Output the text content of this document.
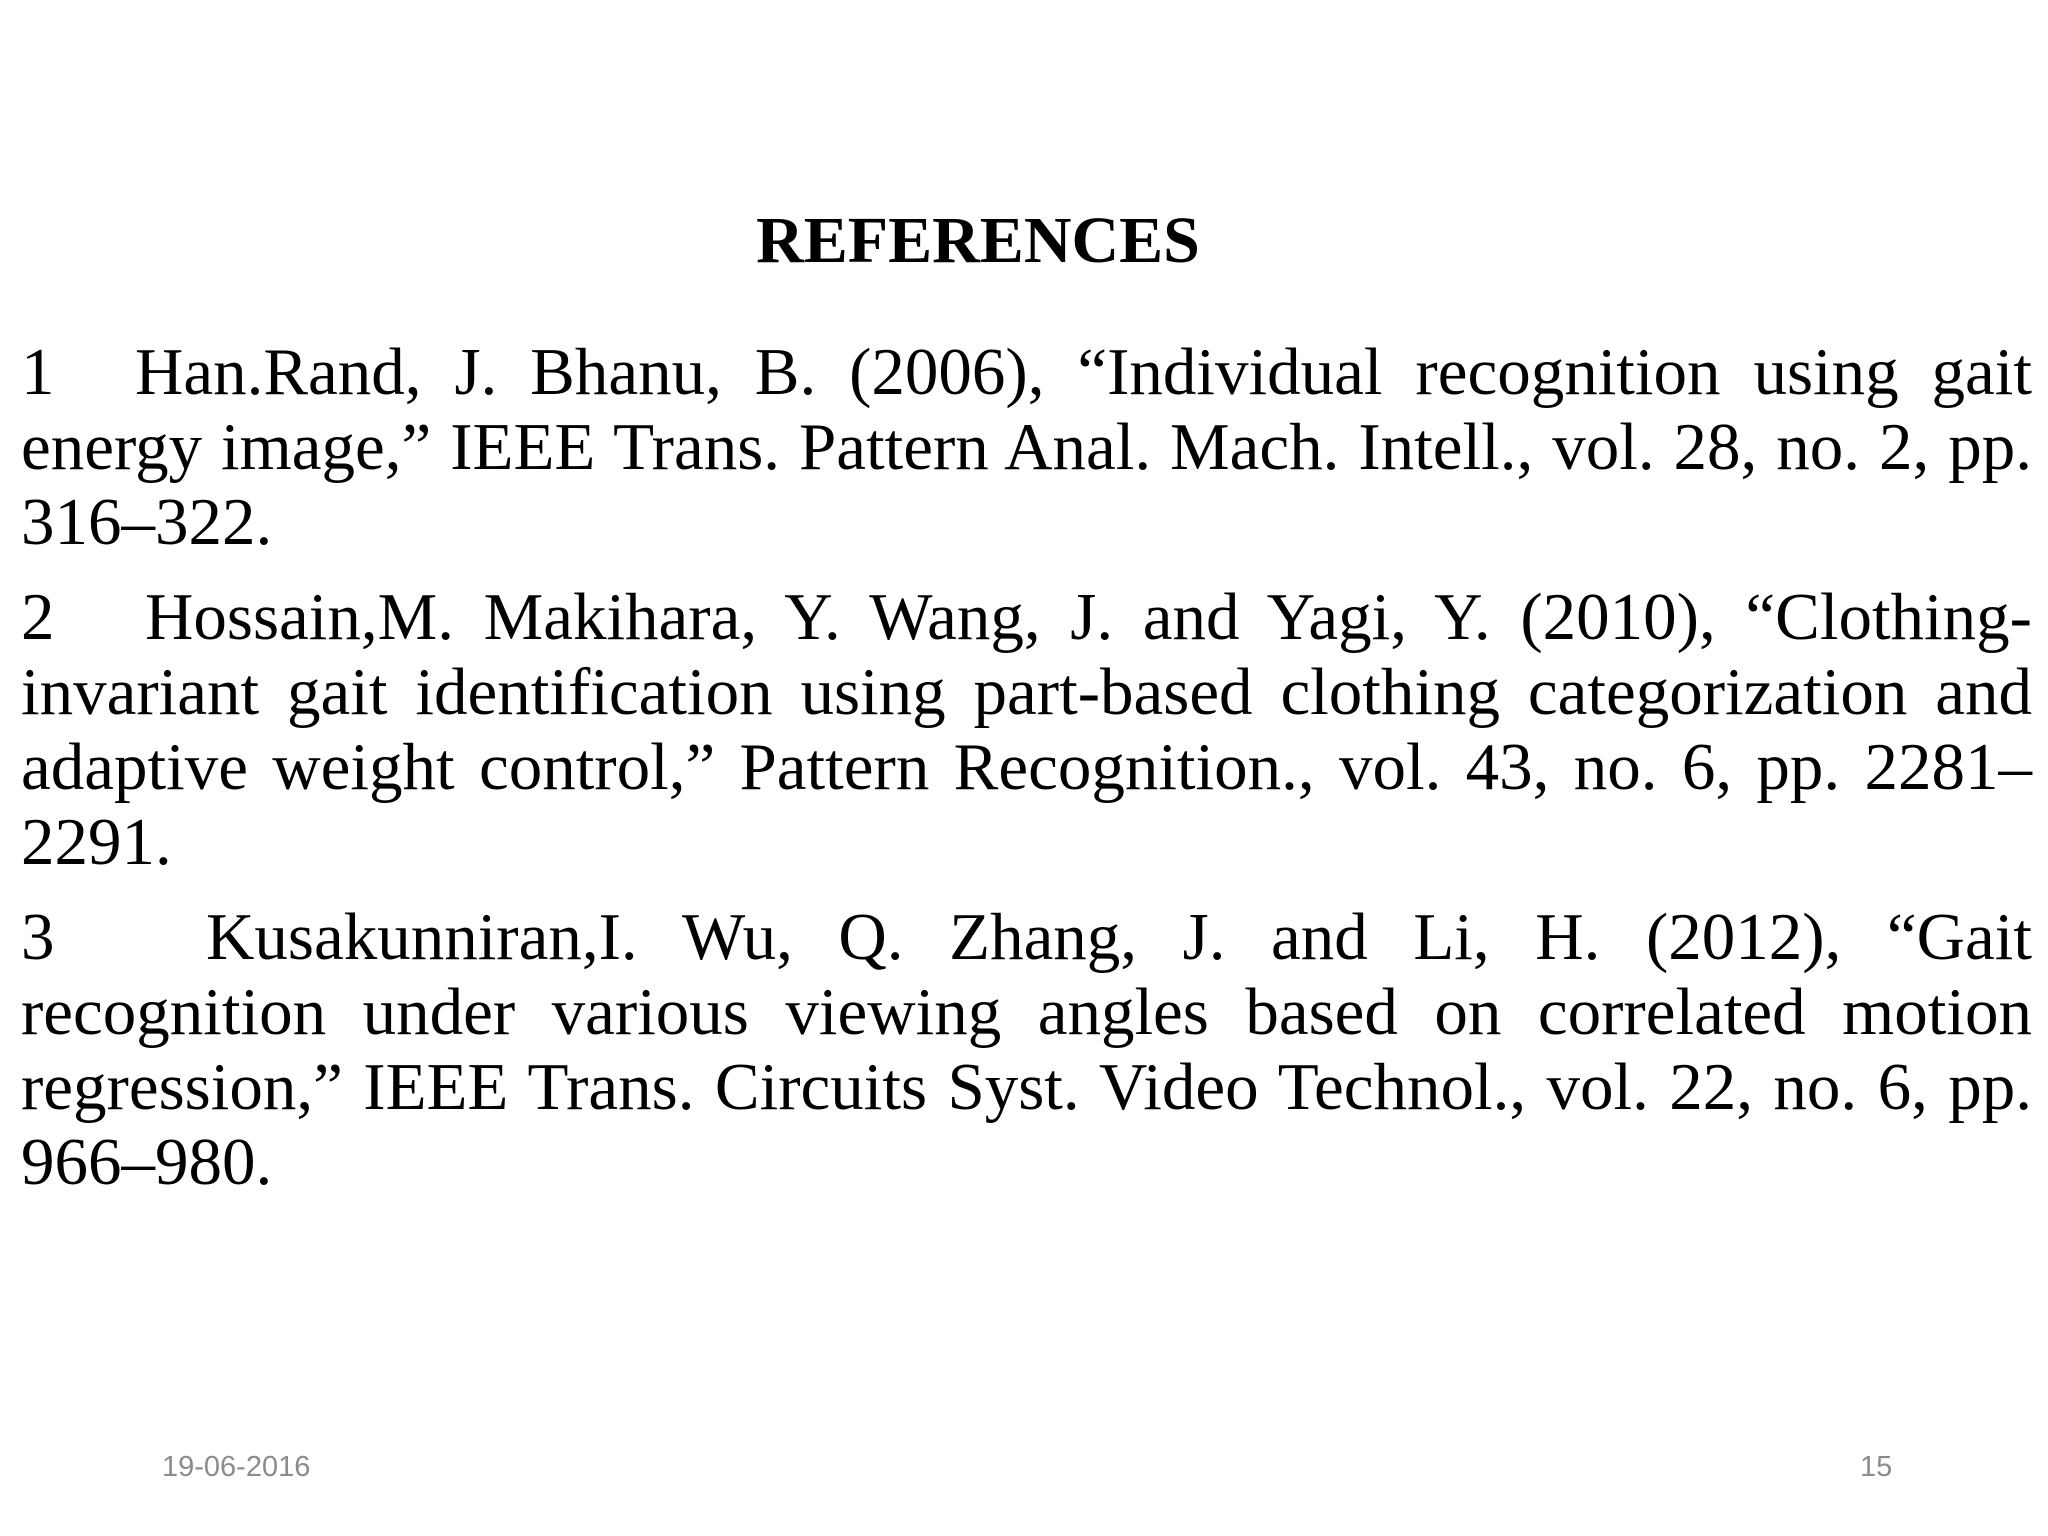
REFERENCES

1 Han.Rand, J. Bhanu, B. (2006), “Individual recognition using gait energy image,” IEEE Trans. Pattern Anal. Mach. Intell., vol. 28, no. 2, pp. 316–322.

2 Hossain,M. Makihara, Y. Wang, J. and Yagi, Y. (2010), “Clothing-invariant gait identification using part-based clothing categorization and adaptive weight control,” Pattern Recognition., vol. 43, no. 6, pp. 2281–2291.

3 Kusakunniran,I. Wu, Q. Zhang, J. and Li, H. (2012), “Gait recognition under various viewing angles based on correlated motion regression,” IEEE Trans. Circuits Syst. Video Technol., vol. 22, no. 6, pp. 966–980.

19-06-2016	15
